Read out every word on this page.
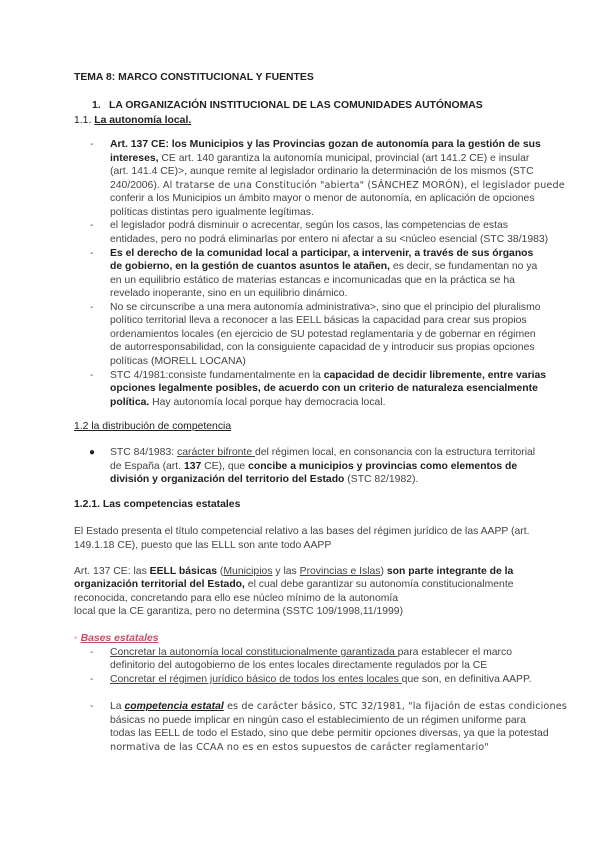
TEMA 8: MARCO CONSTITUCIONAL Y FUENTES
1. LA ORGANIZACIÓN INSTITUCIONAL DE LAS COMUNIDADES AUTÓNOMAS
1.1. La autonomía local.
- Art. 137 CE: los Municipios y las Provincias gozan de autonomía para la gestión de sus
intereses, CE art. 140 garantiza la autonomía municipal, provincial (art 141.2 CE) e insular
(art. 141.4 CE)>, aunque remite al legislador ordinario la determinación de los mismos (STC
240/2006). Al tratarse de una Constitución "abierta" (SÁNCHEZ MORÓN), el legislador puede
conferir a los Municipios un ámbito mayor o menor de autonomía, en aplicación de opciones
políticas distintas pero igualmente legítimas.
- el legislador podrá disminuir o acrecentar, según los casos, las competencias de estas
entidades, pero no podrá eliminarlas por entero ni afectar a su <núcleo esencial (STC 38/1983)
- Es el derecho de la comunidad local a participar, a intervenir, a través de sus órganos
de gobierno, en la gestión de cuantos asuntos le atañen, es decir, se fundamentan no ya
en un equilibrio estático de materias estancas e incomunicadas que en la práctica se ha
revelado inoperante, sino en un equilibrio dinámico.
- No se circunscribe a una mera autonomía administrativa>, sino que el principio del pluralismo
político territorial lleva a reconocer a las EELL básicas la capacidad para crear sus propios
ordenamientos locales (en ejercicio de SU potestad reglamentaria y de gobernar en régimen
de autorresponsabilidad, con la consiguiente capacidad de y introducir sus propias opciones
políticas (MORELL LOCANA)
- STC 4/1981:consiste fundamentalmente en la capacidad de decidir libremente, entre varias
opciones legalmente posibles, de acuerdo con un criterio de naturaleza esencialmente
política. Hay autonomía local porque hay democracia local.
1.2 la distribución de competencia
● STC 84/1983: carácter bifronte del régimen local, en consonancia con la estructura territorial
de España (art. 137 CE), que concibe a municipios y provincias como elementos de
división y organización del territorio del Estado (STC 82/1982).
1.2.1. Las competencias estatales
El Estado presenta el título competencial relativo a las bases del régimen jurídico de las AAPP (art.
149.1.18 CE), puesto que las ELLL son ante todo AAPP
Art. 137 CE: las EELL básicas (Municipios y las Provincias e Islas) son parte integrante de la
organización territorial del Estado, el cual debe garantizar su autonomía constitucionalmente
reconocida, concretando para ello ese núcleo mínimo de la autonomía
local que la CE garantiza, pero no determina (SSTC 109/1998,11/1999)
◦ Bases estatales
- Concretar la autonomía local constitucionalmente garantizada para establecer el marco
definitorio del autogobierno de los entes locales directamente regulados por la CE
- Concretar el régimen jurídico básico de todos los entes locales que son, en definitiva AAPP.
- La competencia estatal es de carácter básico, STC 32/1981, "la fijación de estas condiciones
básicas no puede implicar en ningún caso el establecimiento de un régimen uniforme para
todas las EELL de todo el Estado, sino que debe permitir opciones diversas, ya que la potestad
normativa de las CCAA no es en estos supuestos de carácter reglamentario"
